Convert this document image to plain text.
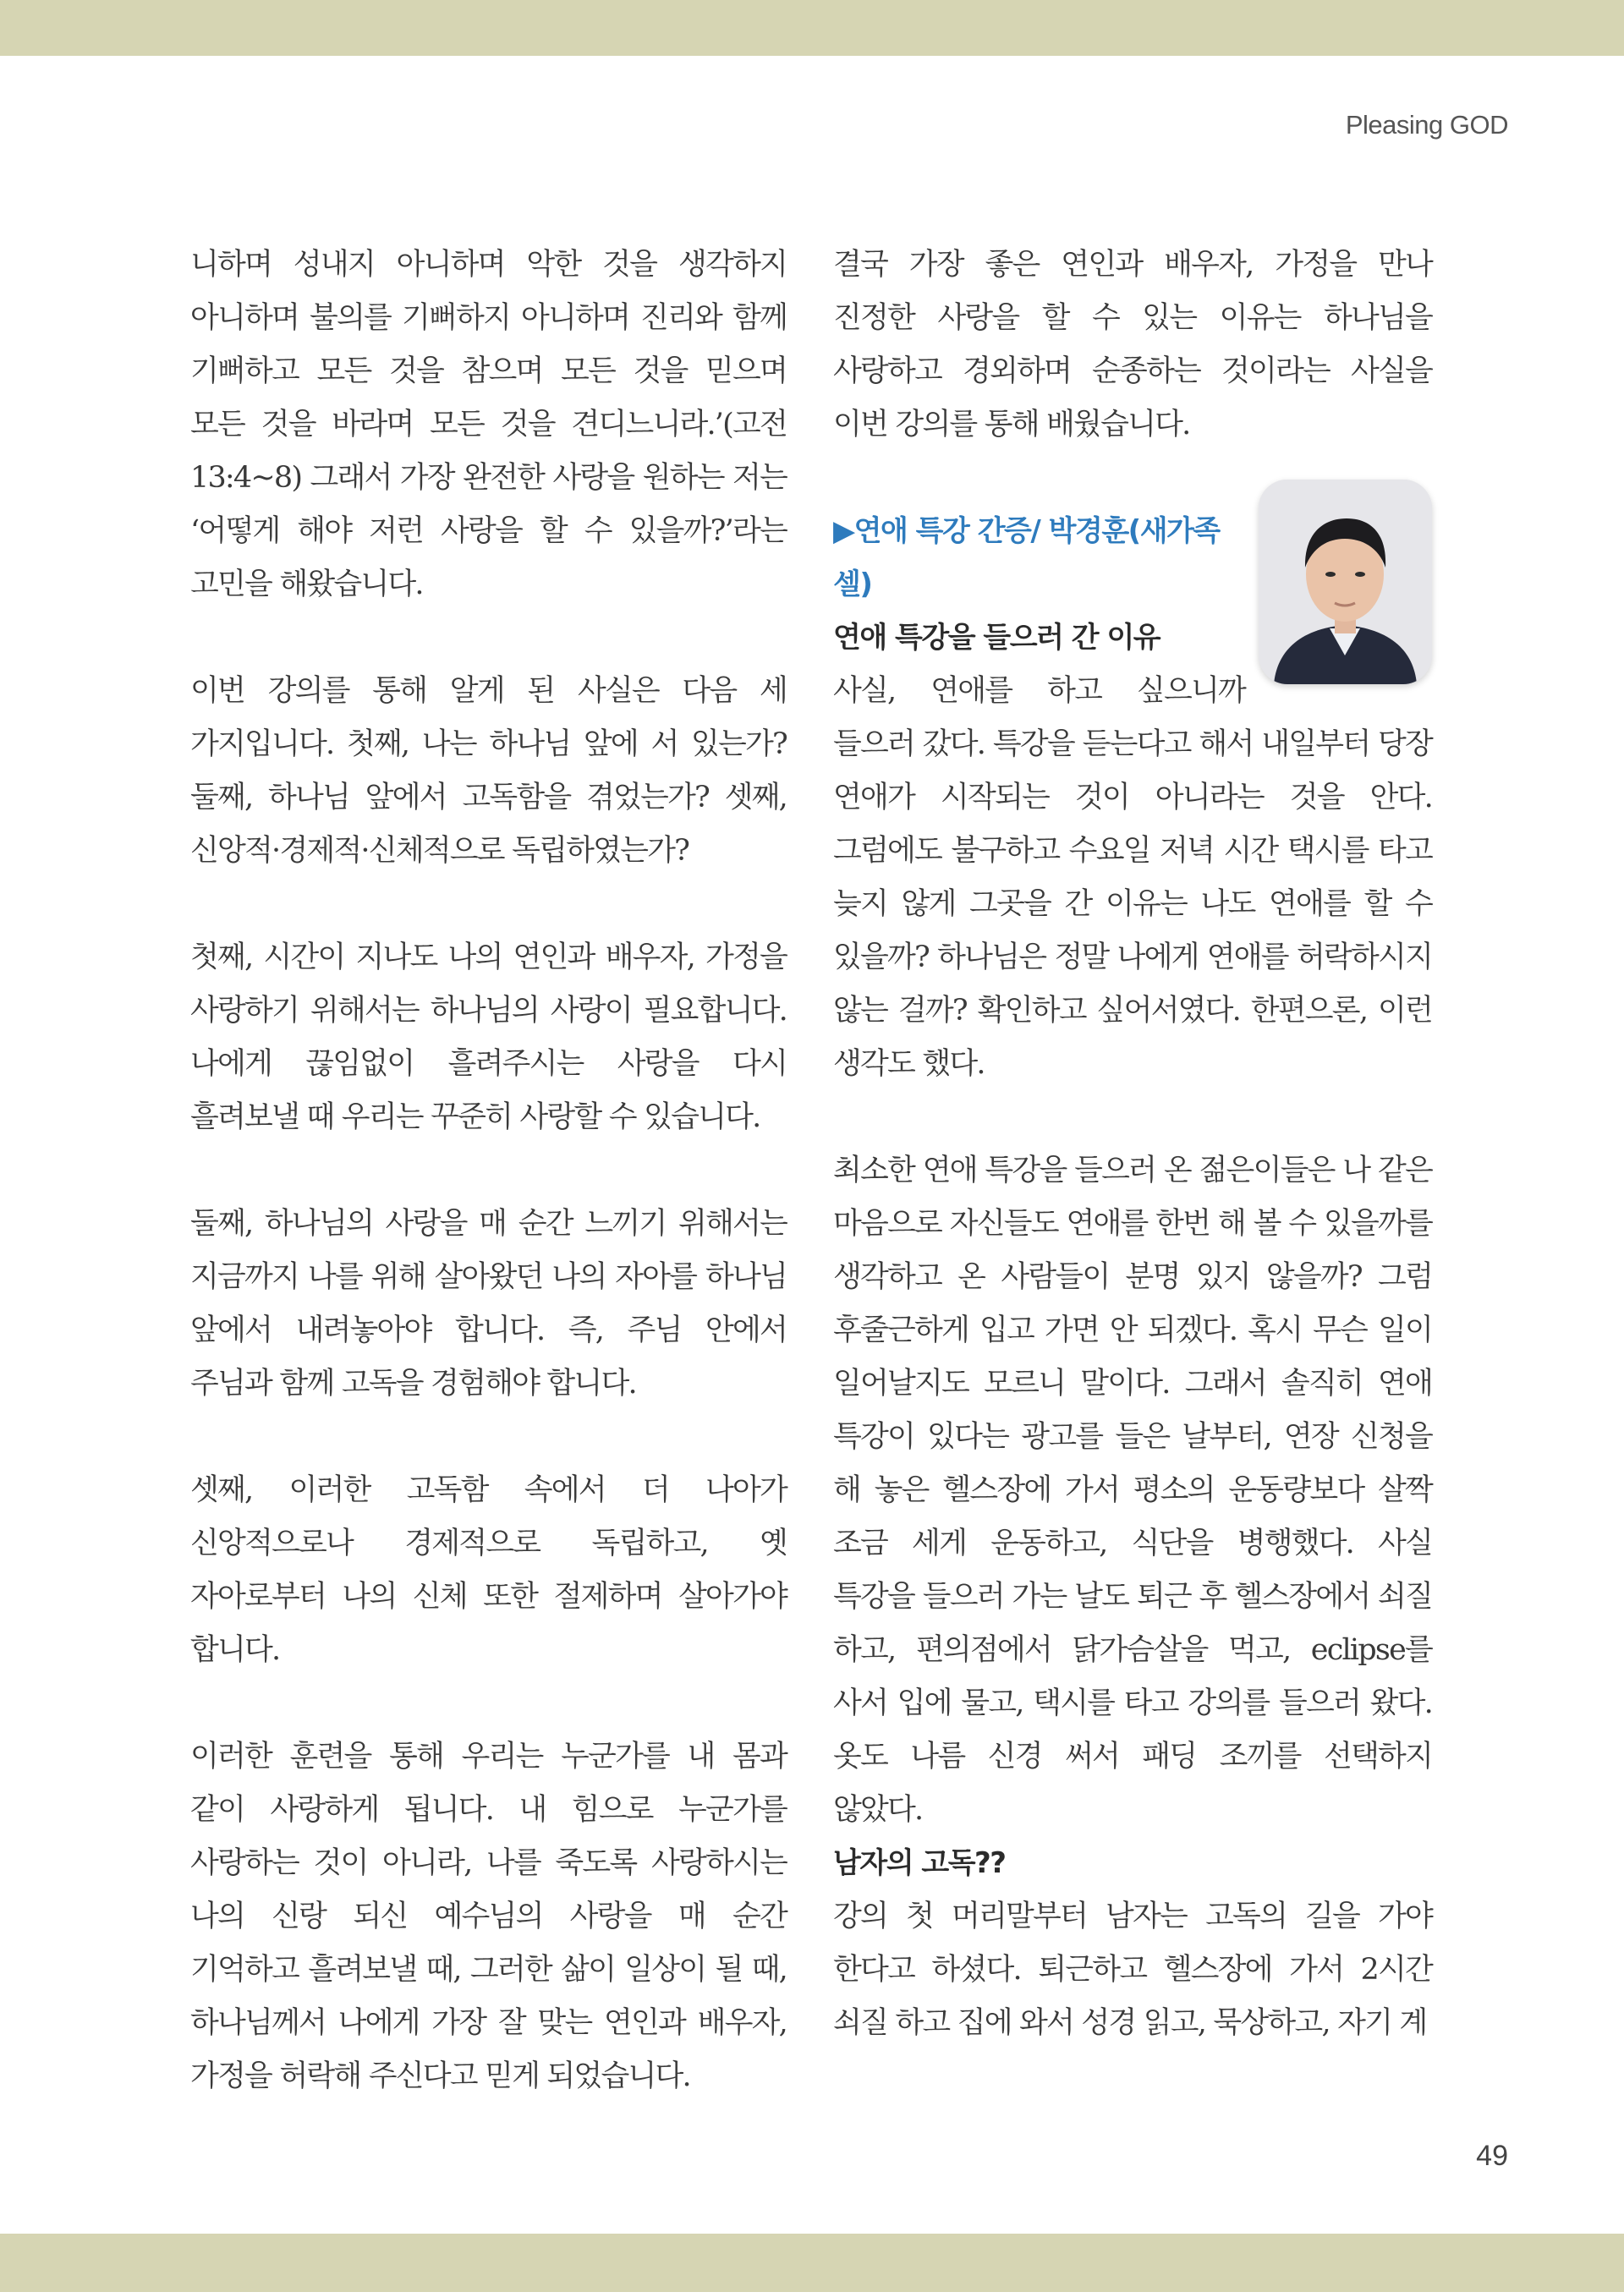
Pleasing GOD

니하며 성내지 아니하며 악한 것을 생각하지 아니하며 불의를 기뻐하지 아니하며 진리와 함께 기뻐하고 모든 것을 참으며 모든 것을 믿으며 모든 것을 바라며 모든 것을 견디느니라.’(고전 13:4~8) 그래서 가장 완전한 사랑을 원하는 저는 ‘어떻게 해야 저런 사랑을 할 수 있을까?’라는 고민을 해왔습니다.

이번 강의를 통해 알게 된 사실은 다음 세 가지입니다. 첫째, 나는 하나님 앞에 서 있는가? 둘째, 하나님 앞에서 고독함을 겪었는가? 셋째, 신앙적·경제적·신체적으로 독립하였는가?

첫째, 시간이 지나도 나의 연인과 배우자, 가정을 사랑하기 위해서는 하나님의 사랑이 필요합니다. 나에게 끊임없이 흘려주시는 사랑을 다시 흘려보낼 때 우리는 꾸준히 사랑할 수 있습니다.

둘째, 하나님의 사랑을 매 순간 느끼기 위해서는 지금까지 나를 위해 살아왔던 나의 자아를 하나님 앞에서 내려놓아야 합니다. 즉, 주님 안에서 주님과 함께 고독을 경험해야 합니다.

셋째, 이러한 고독함 속에서 더 나아가 신앙적으로나 경제적으로 독립하고, 옛 자아로부터 나의 신체 또한 절제하며 살아가야 합니다.

이러한 훈련을 통해 우리는 누군가를 내 몸과 같이 사랑하게 됩니다. 내 힘으로 누군가를 사랑하는 것이 아니라, 나를 죽도록 사랑하시는 나의 신랑 되신 예수님의 사랑을 매 순간 기억하고 흘려보낼 때, 그러한 삶이 일상이 될 때, 하나님께서 나에게 가장 잘 맞는 연인과 배우자, 가정을 허락해 주신다고 믿게 되었습니다.

결국 가장 좋은 연인과 배우자, 가정을 만나 진정한 사랑을 할 수 있는 이유는 하나님을 사랑하고 경외하며 순종하는 것이라는 사실을 이번 강의를 통해 배웠습니다.

▶연애 특강 간증/ 박경훈(새가족셀)

연애 특강을 들으러 간 이유

사실, 연애를 하고 싶으니까 들으러 갔다. 특강을 듣는다고 해서 내일부터 당장 연애가 시작되는 것이 아니라는 것을 안다. 그럼에도 불구하고 수요일 저녁 시간 택시를 타고 늦지 않게 그곳을 간 이유는 나도 연애를 할 수 있을까? 하나님은 정말 나에게 연애를 허락하시지 않는 걸까? 확인하고 싶어서였다. 한편으론, 이런 생각도 했다.

최소한 연애 특강을 들으러 온 젊은이들은 나 같은 마음으로 자신들도 연애를 한번 해 볼 수 있을까를 생각하고 온 사람들이 분명 있지 않을까? 그럼 후줄근하게 입고 가면 안 되겠다. 혹시 무슨 일이 일어날지도 모르니 말이다. 그래서 솔직히 연애 특강이 있다는 광고를 들은 날부터, 연장 신청을 해 놓은 헬스장에 가서 평소의 운동량보다 살짝 조금 세게 운동하고, 식단을 병행했다. 사실 특강을 들으러 가는 날도 퇴근 후 헬스장에서 쇠질 하고, 편의점에서 닭가슴살을 먹고, eclipse를 사서 입에 물고, 택시를 타고 강의를 들으러 왔다. 옷도 나름 신경 써서 패딩 조끼를 선택하지 않았다.

남자의 고독??

강의 첫 머리말부터 남자는 고독의 길을 가야 한다고 하셨다. 퇴근하고 헬스장에 가서 2시간 쇠질 하고 집에 와서 성경 읽고, 묵상하고, 자기 계

49
